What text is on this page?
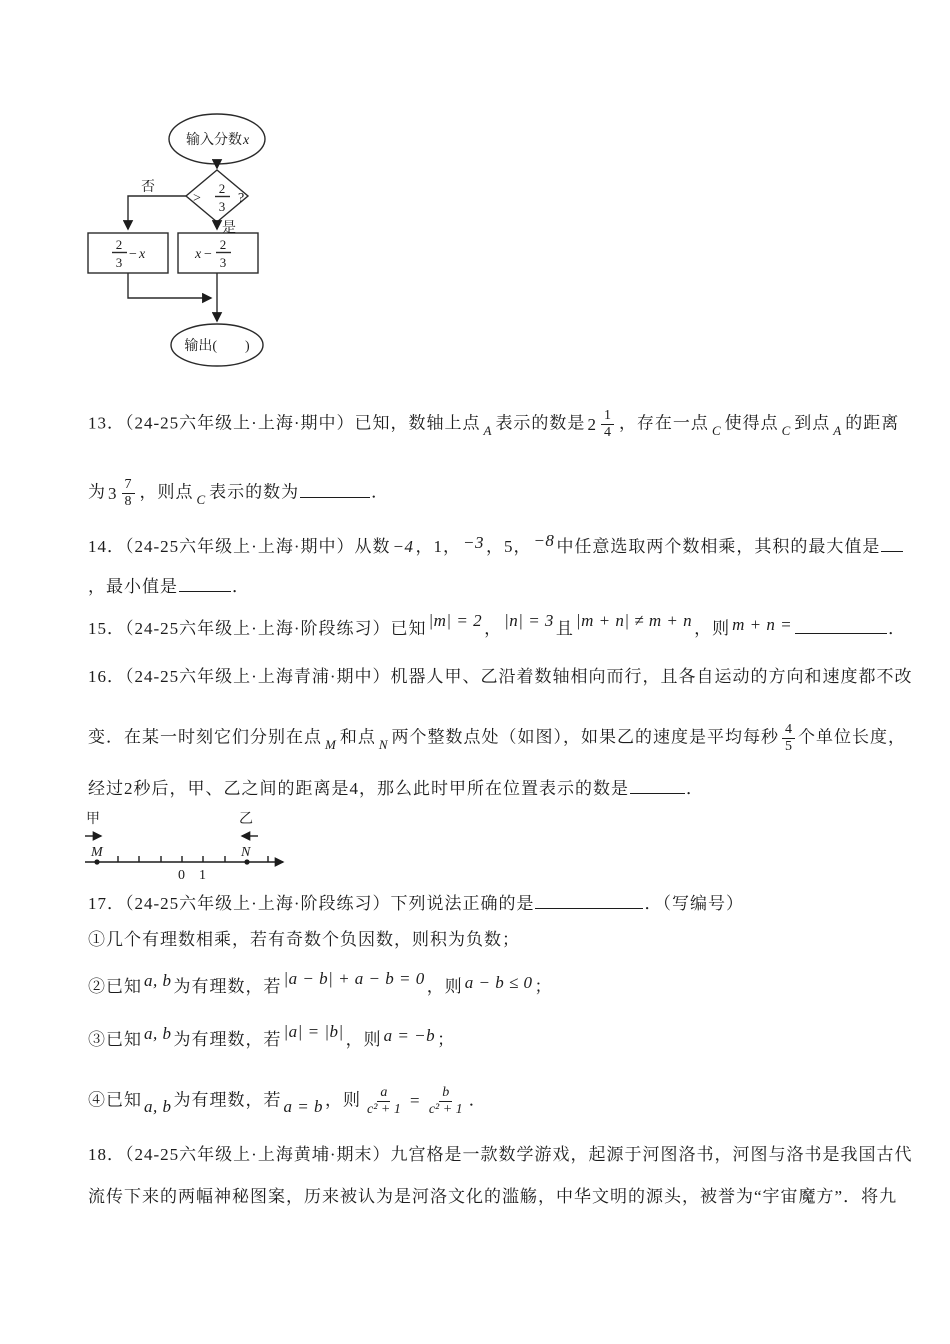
输入分数 x
否
是
>
2
3
?
2
3
− x	x −
2
3
输出(　　)
13．（24-25六年级上·上海·期中）已知，数轴上点 $_A$ 表示的数是 $2 \frac{1}{4}$ ，存在一点 $_C$ 使得点 $_C$ 到点 $_A$ 的距离
为 $3 \frac{7}{8}$ ，则点 $_C$ 表示的数为	．
14．（24-25六年级上·上海·期中）从数 −4 ，1， −3 ，5， −8 中任意选取两个数相乘，其积的最大值是
，最小值是	．
15．（24-25六年级上·上海·阶段练习）已知 |m| = 2 ， |n| = 3 且 |m + n| ≠ m + n ，则 m + n =	．
16．（24-25六年级上·上海青浦·期中）机器人甲、乙沿着数轴相向而行，且各自运动的方向和速度都不改
变．在某一时刻它们分别在点 $_M$ 和点 $_N$ 两个整数点处（如图），如果乙的速度是平均每秒 $\frac{4}{5}$ 个单位长度，
经过2秒后，甲、乙之间的距离是4，那么此时甲所在位置表示的数是	．
甲	乙
M	N
0 1
17．（24-25六年级上·上海·阶段练习）下列说法正确的是	．（写编号）
①几个有理数相乘，若有奇数个负因数，则积为负数；
②已知 a, b 为有理数，若 |a − b| + a − b = 0 ，则 a − b ≤ 0 ；
③已知 a, b 为有理数，若 |a| = |b| ，则 a = −b ；
④已知 a, b 为有理数，若 a = b ，则 $\frac{a}{\text{c² + 1}} = \frac{b}{\text{c² + 1}}$ ．
18．（24-25六年级上·上海黄埔·期末）九宫格是一款数学游戏，起源于河图洛书，河图与洛书是我国古代
流传下来的两幅神秘图案，历来被认为是河洛文化的滥觞，中华文明的源头，被誉为“宇宙魔方”．将九
